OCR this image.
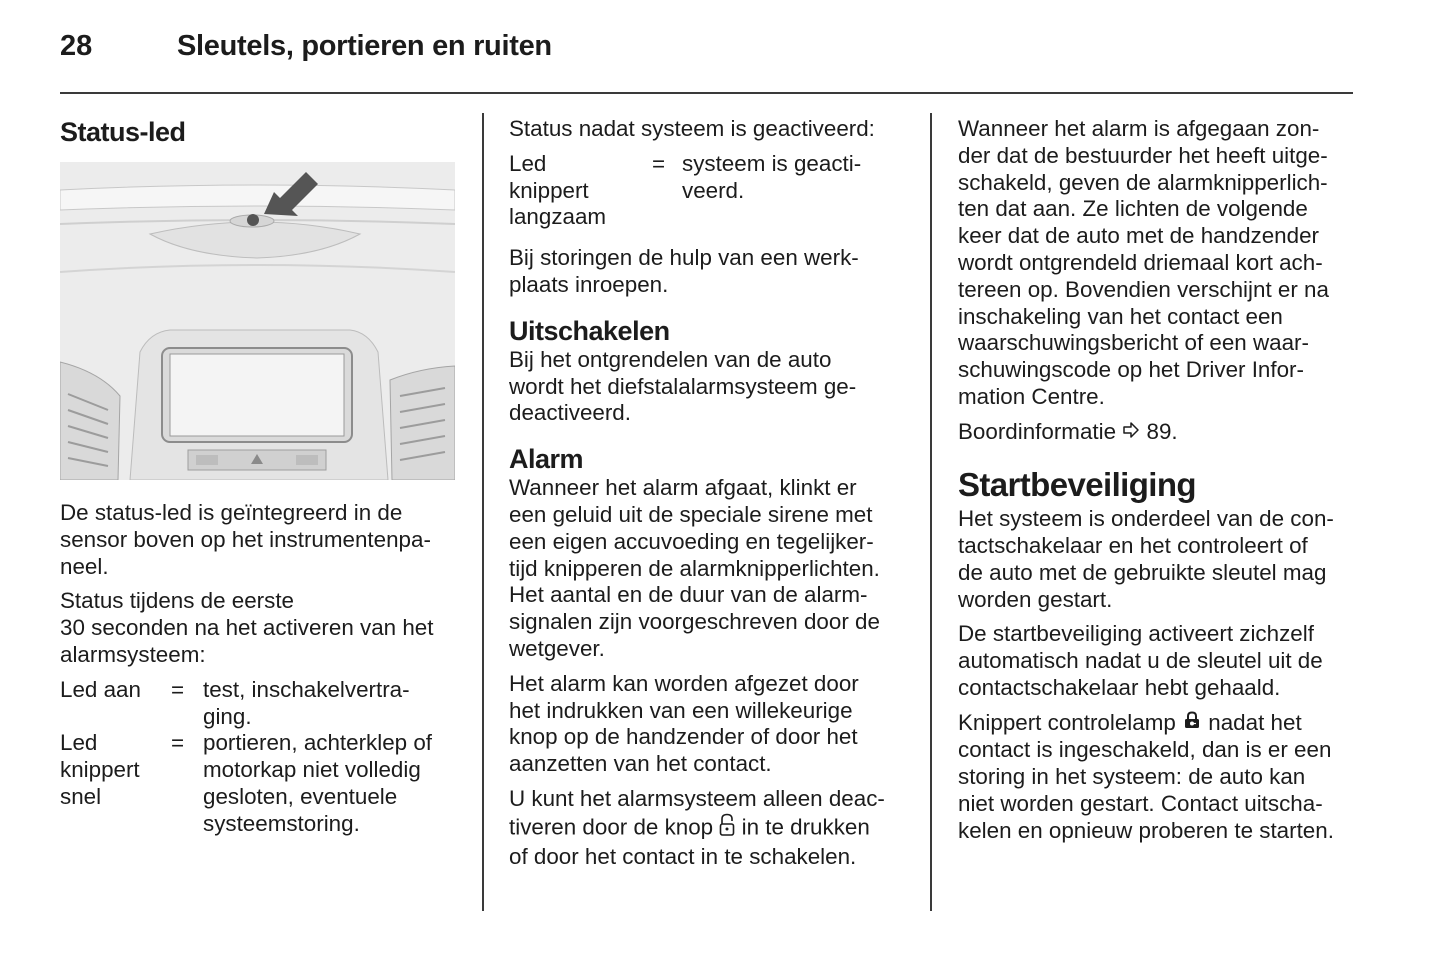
28	Sleutels, portieren en ruiten
Status-led
De status-led is geïntegreerd in de
sensor boven op het instrumentenpa-
neel.
Status tijdens de eerste
30 seconden na het activeren van het
alarmsysteem:
Led aan	= test, inschakelvertra-
ging.
Led
knippert
snel
= portieren, achterklep of
motorkap niet volledig
gesloten, eventuele
systeemstoring.
Status nadat systeem is geactiveerd:
Led
knippert
langzaam
= systeem is geacti-
veerd.
Bij storingen de hulp van een werk-
plaats inroepen.
Uitschakelen
Bij het ontgrendelen van de auto
wordt het diefstalalarmsysteem ge-
deactiveerd.
Alarm
Wanneer het alarm afgaat, klinkt er
een geluid uit de speciale sirene met
een eigen accuvoeding en tegelijker-
tijd knipperen de alarmknipperlichten.
Het aantal en de duur van de alarm-
signalen zijn voorgeschreven door de
wetgever.
Het alarm kan worden afgezet door
het indrukken van een willekeurige
knop op de handzender of door het
aanzetten van het contact.
U kunt het alarmsysteem alleen deac-
tiveren door de knop in te drukken
of door het contact in te schakelen.
Wanneer het alarm is afgegaan zon-
der dat de bestuurder het heeft uitge-
schakeld, geven de alarmknipperlich-
ten dat aan. Ze lichten de volgende
keer dat de auto met de handzender
wordt ontgrendeld driemaal kort ach-
tereen op. Bovendien verschijnt er na
inschakeling van het contact een
waarschuwingsbericht of een waar-
schuwingscode op het Driver Infor-
mation Centre.
Boordinformatie 89.
Startbeveiliging
Het systeem is onderdeel van de con-
tactschakelaar en het controleert of
de auto met de gebruikte sleutel mag
worden gestart.
De startbeveiliging activeert zichzelf
automatisch nadat u de sleutel uit de
contactschakelaar hebt gehaald.
Knippert controlelamp nadat het
contact is ingeschakeld, dan is er een
storing in het systeem: de auto kan
niet worden gestart. Contact uitscha-
kelen en opnieuw proberen te starten.
